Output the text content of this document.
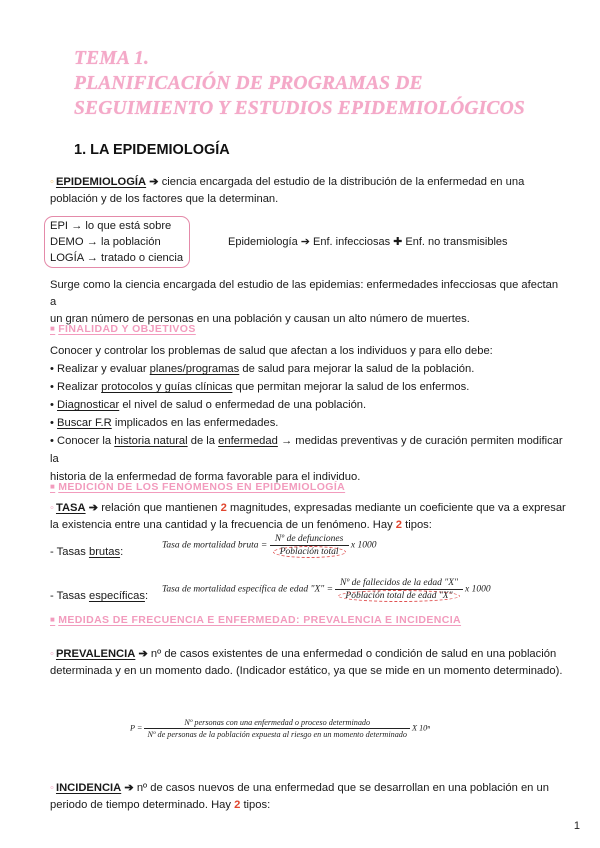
TEMA 1.
PLANIFICACIÓN DE PROGRAMAS DE
SEGUIMIENTO Y ESTUDIOS EPIDEMIOLÓGICOS
1. LA EPIDEMIOLOGÍA
◦ EPIDEMIOLOGÍA ➔ ciencia encargada del estudio de la distribución de la enfermedad en una
población y de los factores que la determinan.
EPI → lo que está sobre
DEMO → la población
LOGÍA → tratado o ciencia
Epidemiología ➔ Enf. infecciosas ✚ Enf. no transmisibles
Surge como la ciencia encargada del estudio de las epidemias: enfermedades infecciosas que afectan a
un gran número de personas en una población y causan un alto número de muertes.
■ FINALIDAD Y OBJETIVOS
Conocer y controlar los problemas de salud que afectan a los individuos y para ello debe:
• Realizar y evaluar planes/programas de salud para mejorar la salud de la población.
• Realizar protocolos y guías clínicas que permitan mejorar la salud de los enfermos.
• Diagnosticar el nivel de salud o enfermedad de una población.
• Buscar F.R implicados en las enfermedades.
• Conocer la historia natural de la enfermedad → medidas preventivas y de curación permiten modificar la
historia de la enfermedad de forma favorable para el individuo.
■ MEDICIÓN DE LOS FENÓMENOS EN EPIDEMIOLOGÍA
◦ TASA ➔ relación que mantienen 2 magnitudes, expresadas mediante un coeficiente que va a expresar
la existencia entre una cantidad y la frecuencia de un fenómeno. Hay 2 tipos:
- Tasas brutas:
Tasa de mortalidad bruta = $\frac{\text{Nº de defunciones}}{\text{Población total}}$ x 1000
- Tasas específicas:
Tasa de mortalidad específica de edad "X" = $\frac{\text{Nº de fallecidos de la edad "X"}}{\text{Población total de edad "X"}}$ x 1000
■ MEDIDAS DE FRECUENCIA E ENFERMEDAD: PREVALENCIA E INCIDENCIA
◦ PREVALENCIA ➔ nº de casos existentes de una enfermedad o condición de salud en una población
determinada y en un momento dado. (Indicador estático, ya que se mide en un momento determinado).
P =
Nº personas con una enfermedad o proceso determinado
Nº de personas de la población expuesta al riesgo en un momento determinado
X 10ⁿ
◦ INCIDENCIA ➔ nº de casos nuevos de una enfermedad que se desarrollan en una población en un
periodo de tiempo determinado. Hay 2 tipos:
1
